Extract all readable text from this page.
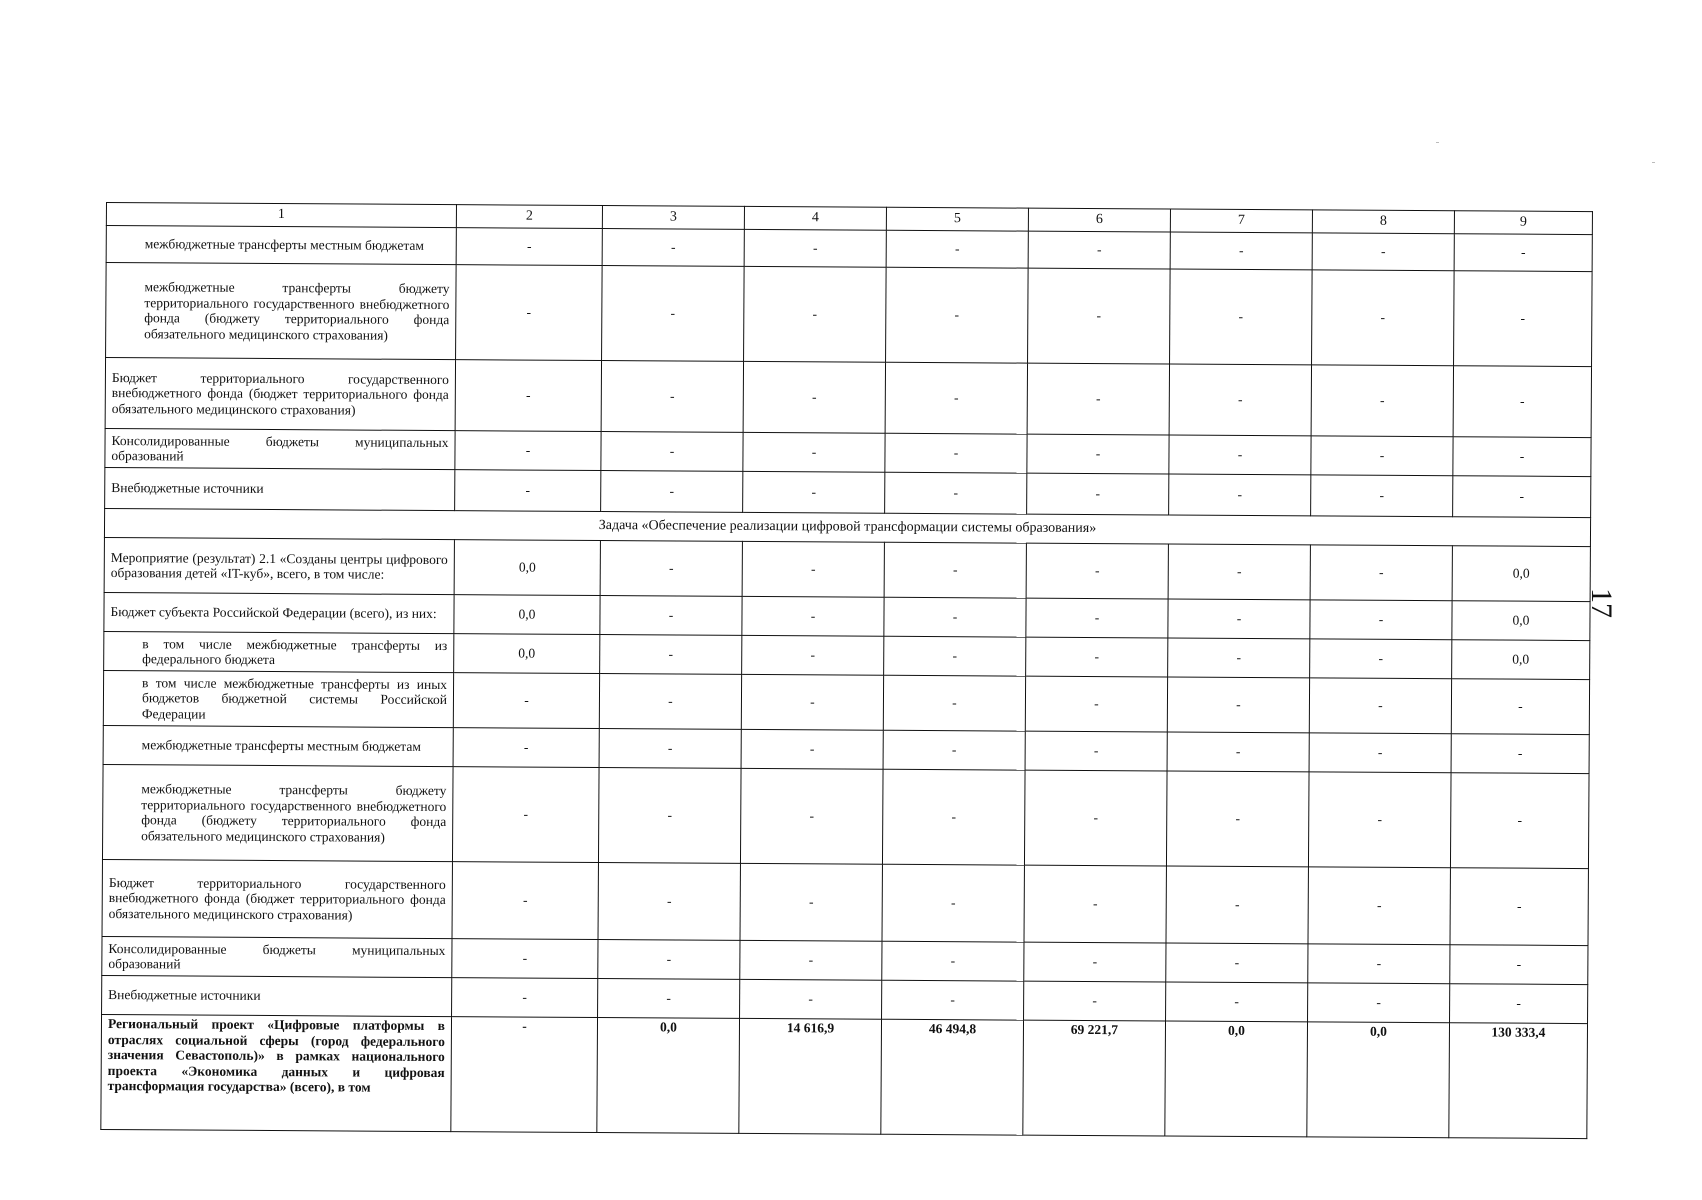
1	2	3	4	5	6	7	8	9
межбюджетные трансферты местным бюджетам	-	-	-	-	-	-	-	-
межбюджетные трансферты бюджету территориального государственного внебюджетного фонда (бюджету территориального фонда обязательного медицинского страхования)	-	-	-	-	-	-	-	-
Бюджет территориального государственного внебюджетного фонда (бюджет территориального фонда обязательного медицинского страхования)	-	-	-	-	-	-	-	-
Консолидированные бюджеты муниципальных образований	-	-	-	-	-	-	-	-
Внебюджетные источники	-	-	-	-	-	-	-	-
Задача «Обеспечение реализации цифровой трансформации системы образования»								
Мероприятие (результат) 2.1 «Созданы центры цифрового образования детей «IT-куб», всего, в том числе:	0,0	-	-	-	-	-	-	0,0
Бюджет субъекта Российской Федерации (всего), из них:	0,0	-	-	-	-	-	-	0,0
в том числе межбюджетные трансферты из федерального бюджета	0,0	-	-	-	-	-	-	0,0
в том числе межбюджетные трансферты из иных бюджетов бюджетной системы Российской Федерации	-	-	-	-	-	-	-	-
межбюджетные трансферты местным бюджетам	-	-	-	-	-	-	-	-
межбюджетные трансферты бюджету территориального государственного внебюджетного фонда (бюджету территориального фонда обязательного медицинского страхования)	-	-	-	-	-	-	-	-
Бюджет территориального государственного внебюджетного фонда (бюджет территориального фонда обязательного медицинского страхования)	-	-	-	-	-	-	-	-
Консолидированные бюджеты муниципальных образований	-	-	-	-	-	-	-	-
Внебюджетные источники	-	-	-	-	-	-	-	-
Региональный проект «Цифровые платформы в отраслях социальной сферы (город федерального значения Севастополь)» в рамках национального проекта «Экономика данных и цифровая трансформация государства» (всего), в том	-	0,0	14 616,9	46 494,8	69 221,7	0,0	0,0	130 333,4
17
